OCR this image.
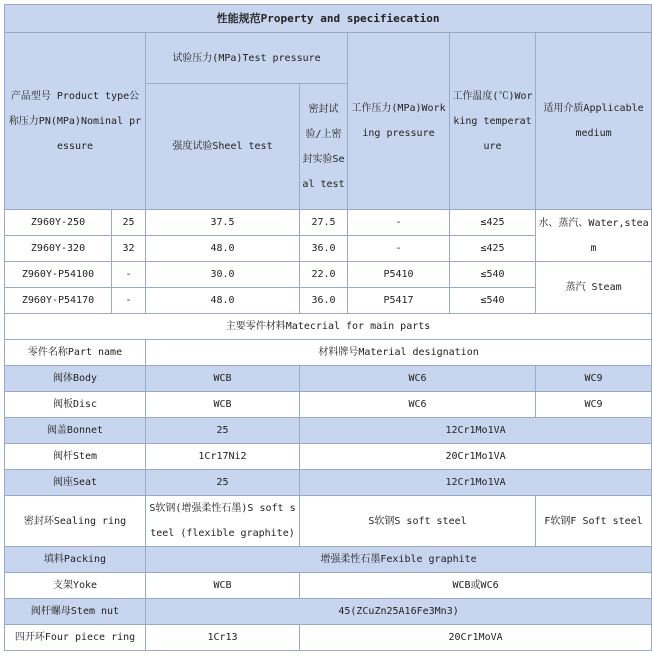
性能规范Property and specifiecation						
产品型号 Product type公称压力PN(MPa)Nominal pressure		试验压力(MPa)Test pressure		工作压力(MPa)Working pressure	工作温度(℃)Working temperature	适用介质Applicable medium
		强度试验Sheel test	密封试验/上密封实验Seal test			
Z960Y-250	25	37.5	27.5	-	≤425	水、蒸汽、Water,steam
Z960Y-320	32	48.0	36.0	-	≤425	
Z960Y-P54100	-	30.0	22.0	P5410	≤540	蒸汽 Steam
Z960Y-P54170	-	48.0	36.0	P5417	≤540	
主要零件材料Matecrial for main parts						
零件名称Part name		材料牌号Material designation				
阀体Body		WCB	WC6			WC9
阀板Disc		WCB	WC6			WC9
阀盖Bonnet		25	12Cr1Mo1VA			
阀杆Stem		1Cr17Ni2	20Cr1Mo1VA			
阀座Seat		25	12Cr1Mo1VA			
密封环Sealing ring		S软钢(增强柔性石墨)S soft steel (flexible graphite)	S软钢S soft steel			F软钢F Soft steel
填料Packing		增强柔性石墨Fexible graphite				
支架Yoke		WCB	WCB或WC6			
阀杆螺母Stem nut		45(ZCuZn25A16Fe3Mn3)				
四开环Four piece ring		1Cr13	20Cr1MoVA			
